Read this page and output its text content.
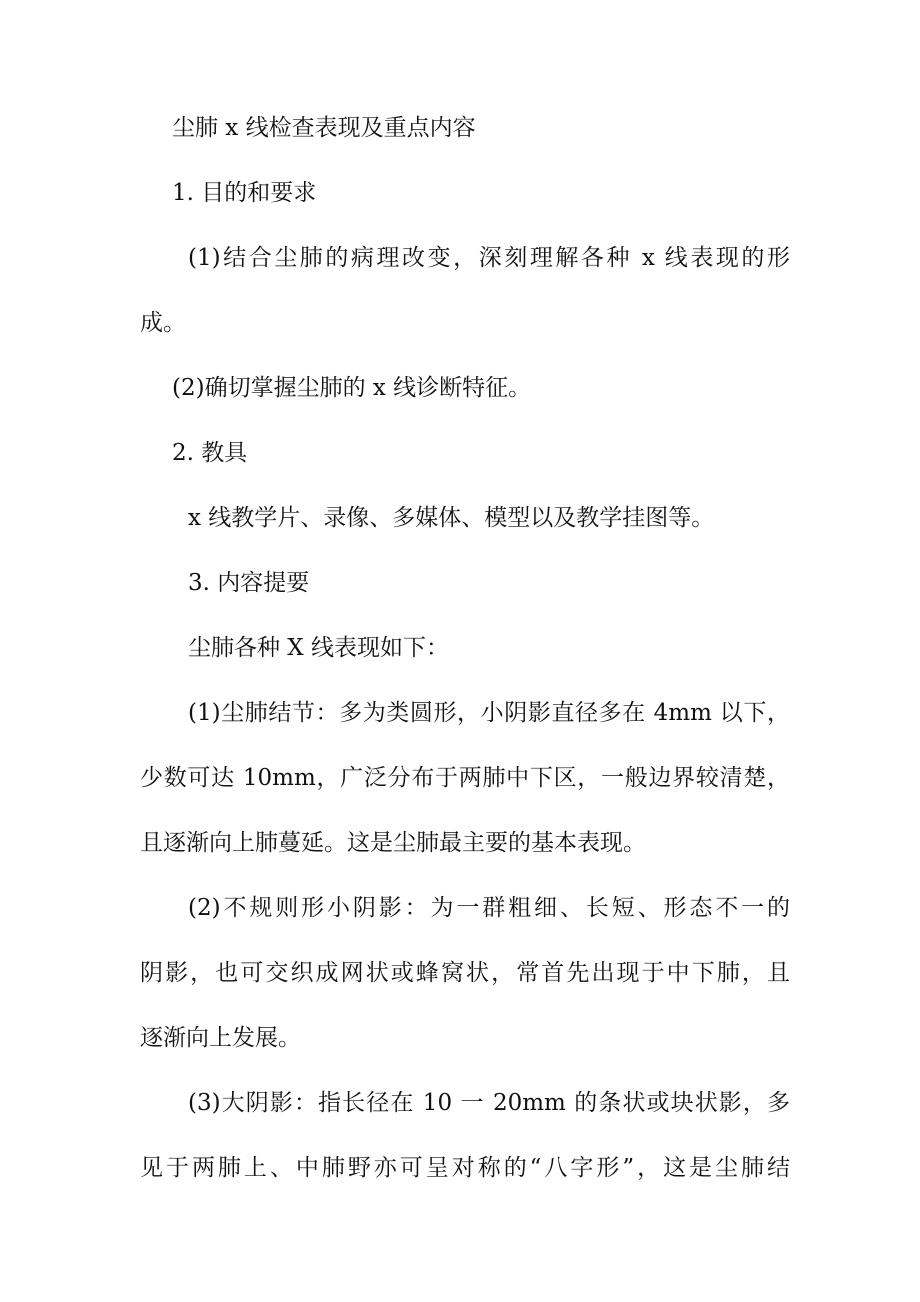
尘肺 x 线检查表现及重点内容
1. 目的和要求
(1)结合尘肺的病理改变，深刻理解各种 x 线表现的形
成。
(2)确切掌握尘肺的 x 线诊断特征。
2. 教具
x 线教学片、录像、多媒体、模型以及教学挂图等。
3. 内容提要
尘肺各种 X 线表现如下：
(1)尘肺结节：多为类圆形，小阴影直径多在 4mm 以下，
少数可达 10mm，广泛分布于两肺中下区，一般边界较清楚，
且逐渐向上肺蔓延。这是尘肺最主要的基本表现。
(2)不规则形小阴影：为一群粗细、长短、形态不一的
阴影，也可交织成网状或蜂窝状，常首先出现于中下肺，且
逐渐向上发展。
(3)大阴影：指长径在 10 一 20mm 的条状或块状影，多
见于两肺上、中肺野亦可呈对称的“八字形”，这是尘肺结
